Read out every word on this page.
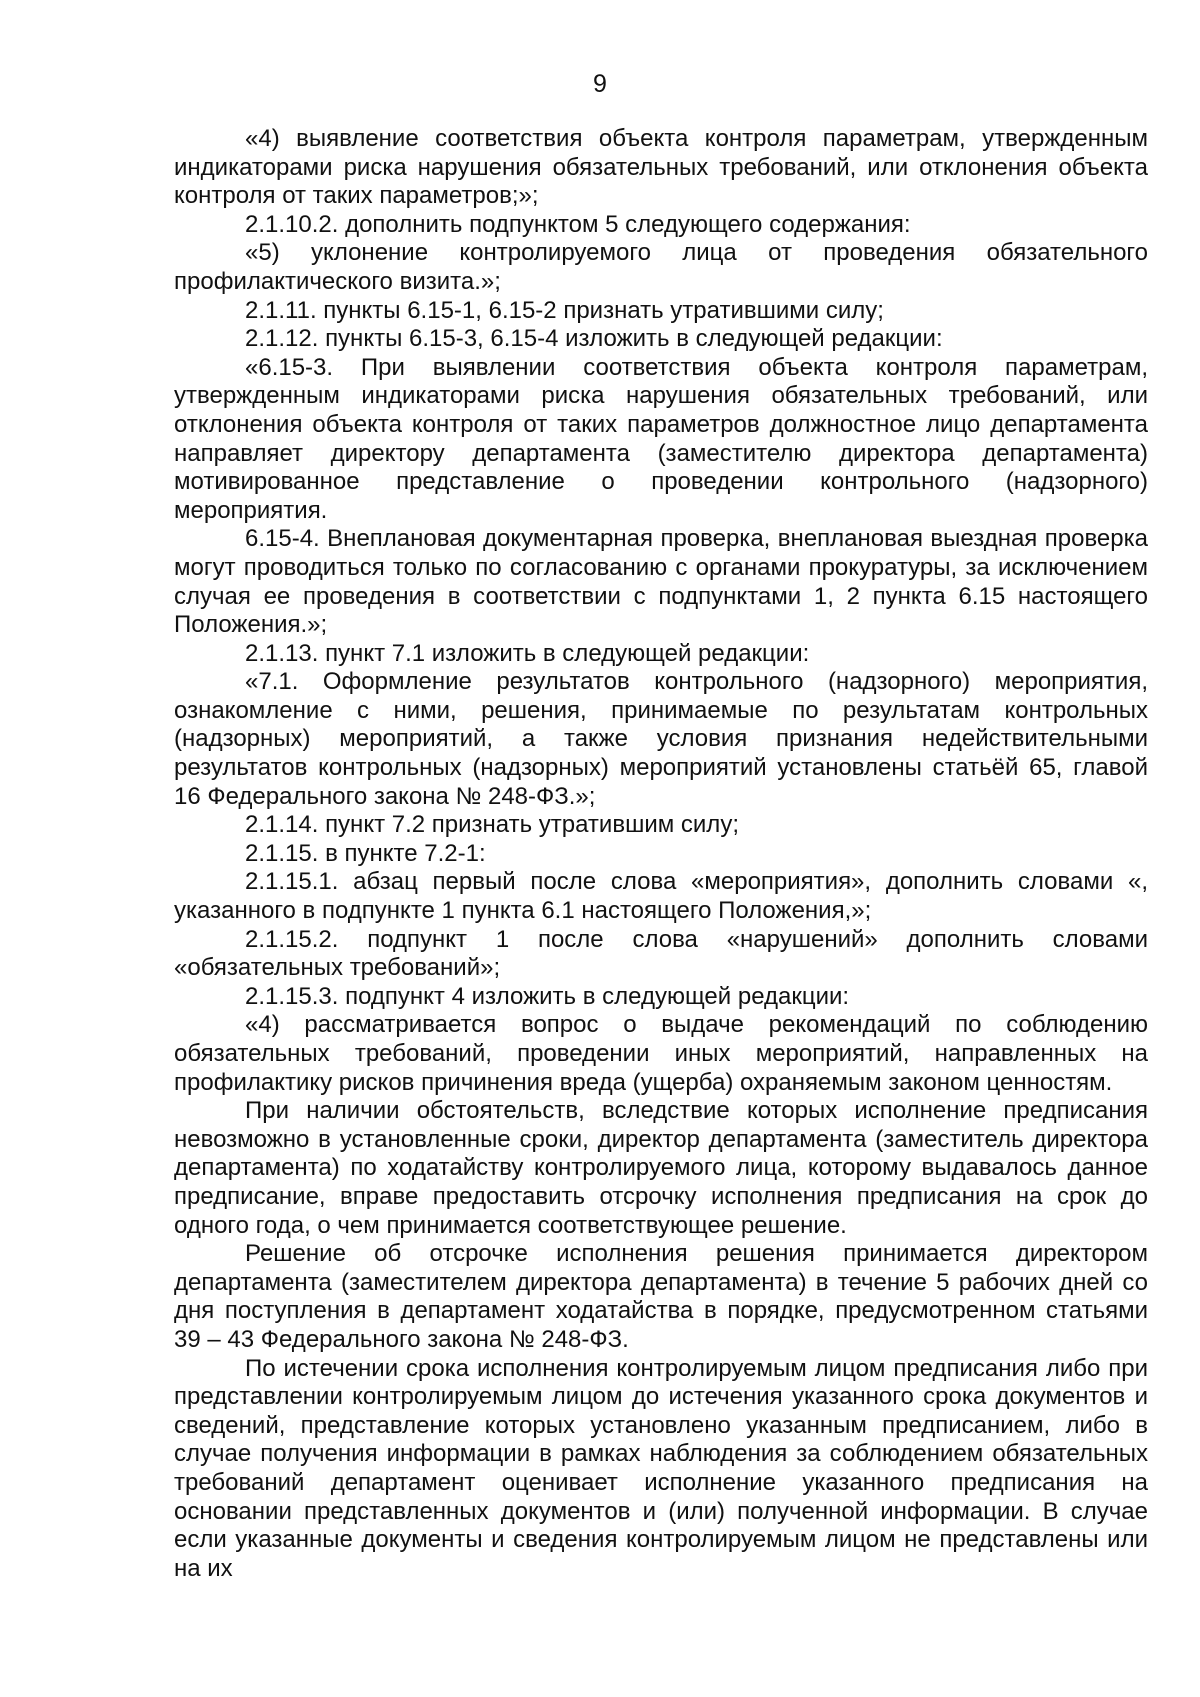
9

«4) выявление соответствия объекта контроля параметрам, утвержденным индикаторами риска нарушения обязательных требований, или отклонения объекта контроля от таких параметров;»;

2.1.10.2. дополнить подпунктом 5 следующего содержания:

«5) уклонение контролируемого лица от проведения обязательного профилактического визита.»;

2.1.11. пункты 6.15-1, 6.15-2 признать утратившими силу;

2.1.12. пункты 6.15-3, 6.15-4 изложить в следующей редакции:

«6.15-3. При выявлении соответствия объекта контроля параметрам, утвержденным индикаторами риска нарушения обязательных требований, или отклонения объекта контроля от таких параметров должностное лицо департамента направляет директору департамента (заместителю директора департамента) мотивированное представление о проведении контрольного (надзорного) мероприятия.

6.15-4. Внеплановая документарная проверка, внеплановая выездная проверка могут проводиться только по согласованию с органами прокуратуры, за исключением случая ее проведения в соответствии с подпунктами 1, 2 пункта 6.15 настоящего Положения.»;

2.1.13. пункт 7.1 изложить в следующей редакции:

«7.1. Оформление результатов контрольного (надзорного) мероприятия, ознакомление с ними, решения, принимаемые по результатам контрольных (надзорных) мероприятий, а также условия признания недействительными результатов контрольных (надзорных) мероприятий установлены статьёй 65, главой 16 Федерального закона № 248-ФЗ.»;

2.1.14. пункт 7.2 признать утратившим силу;

2.1.15. в пункте 7.2-1:

2.1.15.1. абзац первый после слова «мероприятия», дополнить словами «, указанного в подпункте 1 пункта 6.1 настоящего Положения,»;

2.1.15.2. подпункт 1 после слова «нарушений» дополнить словами «обязательных требований»;

2.1.15.3. подпункт 4 изложить в следующей редакции:

«4) рассматривается вопрос о выдаче рекомендаций по соблюдению обязательных требований, проведении иных мероприятий, направленных на профилактику рисков причинения вреда (ущерба) охраняемым законом ценностям.

При наличии обстоятельств, вследствие которых исполнение предписания невозможно в установленные сроки, директор департамента (заместитель директора департамента) по ходатайству контролируемого лица, которому выдавалось данное предписание, вправе предоставить отсрочку исполнения предписания на срок до одного года, о чем принимается соответствующее решение.

Решение об отсрочке исполнения решения принимается директором департамента (заместителем директора департамента) в течение 5 рабочих дней со дня поступления в департамент ходатайства в порядке, предусмотренном статьями 39 – 43 Федерального закона № 248-ФЗ.

По истечении срока исполнения контролируемым лицом предписания либо при представлении контролируемым лицом до истечения указанного срока документов и сведений, представление которых установлено указанным предписанием, либо в случае получения информации в рамках наблюдения за соблюдением обязательных требований департамент оценивает исполнение указанного предписания на основании представленных документов и (или) полученной информации. В случае если указанные документы и сведения контролируемым лицом не представлены или на их
